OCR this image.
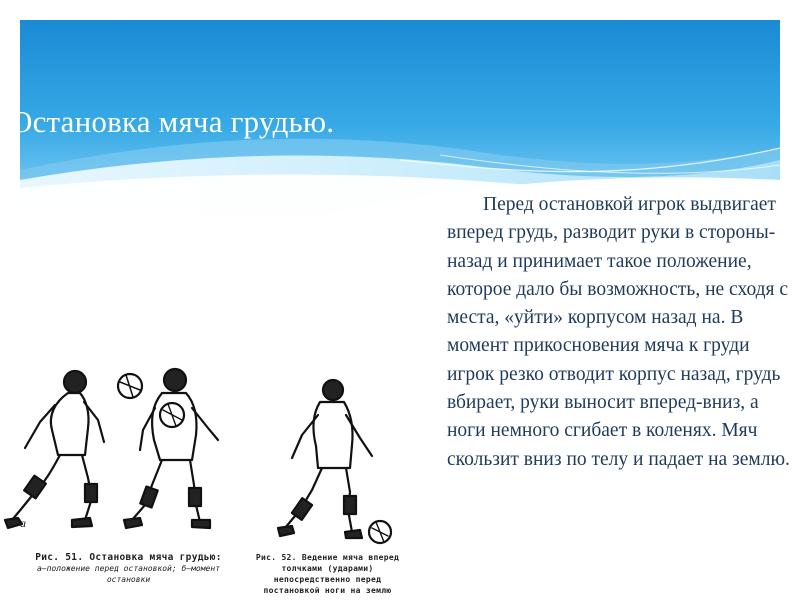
Остановка мяча грудью.

Перед остановкой игрок выдвигает вперед грудь, разводит руки в стороны-назад и принимает такое положение, которое дало бы возможность, не сходя с места, «уйти» корпусом назад на. В момент прикосновения мяча к груди игрок резко отводит корпус назад, грудь вбирает, руки выносит вперед-вниз, а ноги немного сгибает в коленях. Мяч скользит вниз по телу и падает на землю.

а	б
Рис. 51. Остановка мяча грудью:
а—положение перед остановкой; б—момент остановки
Рис. 52. Ведение мяча вперед толчками (ударами) непосредственно перед постановкой ноги на землю
